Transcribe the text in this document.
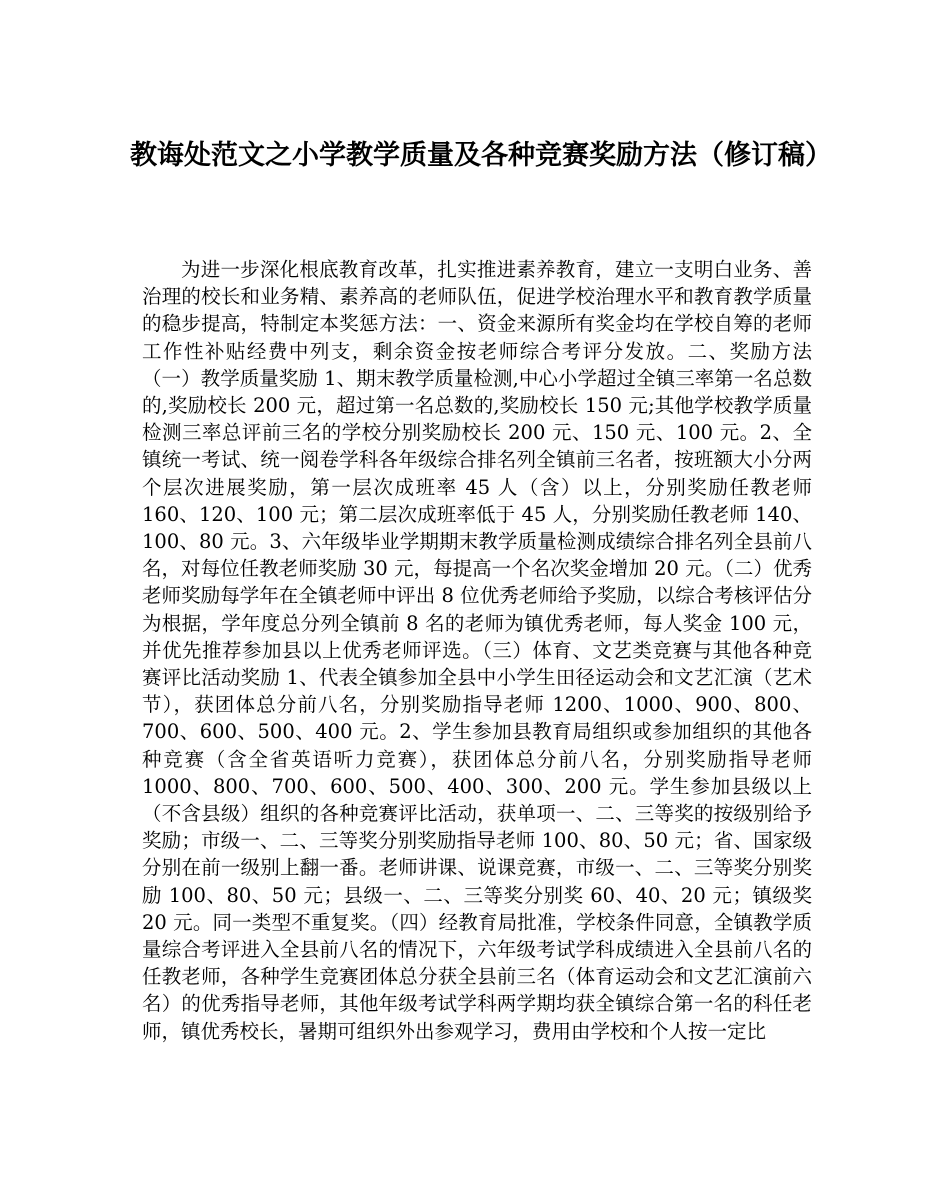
教诲处范文之小学教学质量及各种竞赛奖励方法（修订稿）

为进一步深化根底教育改革，扎实推进素养教育，建立一支明白业务、善治理的校长和业务精、素养高的老师队伍，促进学校治理水平和教育教学质量的稳步提高，特制定本奖惩方法：一、资金来源所有奖金均在学校自筹的老师工作性补贴经费中列支，剩余资金按老师综合考评分发放。二、奖励方法（一）教学质量奖励 1、期末教学质量检测,中心小学超过全镇三率第一名总数的,奖励校长 200 元，超过第一名总数的,奖励校长 150 元;其他学校教学质量检测三率总评前三名的学校分别奖励校长 200 元、150 元、100 元。2、全镇统一考试、统一阅卷学科各年级综合排名列全镇前三名者，按班额大小分两个层次进展奖励，第一层次成班率 45 人（含）以上，分别奖励任教老师 160、120、100 元；第二层次成班率低于 45 人，分别奖励任教老师 140、100、80 元。3、六年级毕业学期期末教学质量检测成绩综合排名列全县前八名，对每位任教老师奖励 30 元，每提高一个名次奖金增加 20 元。（二）优秀老师奖励每学年在全镇老师中评出 8 位优秀老师给予奖励，以综合考核评估分为根据，学年度总分列全镇前 8 名的老师为镇优秀老师，每人奖金 100 元，并优先推荐参加县以上优秀老师评选。（三）体育、文艺类竞赛与其他各种竞赛评比活动奖励 1、代表全镇参加全县中小学生田径运动会和文艺汇演（艺术节），获团体总分前八名，分别奖励指导老师 1200、1000、900、800、700、600、500、400 元。2、学生参加县教育局组织或参加组织的其他各种竞赛（含全省英语听力竞赛），获团体总分前八名，分别奖励指导老师 1000、800、700、600、500、400、300、200 元。学生参加县级以上（不含县级）组织的各种竞赛评比活动，获单项一、二、三等奖的按级别给予奖励；市级一、二、三等奖分别奖励指导老师 100、80、50 元；省、国家级分别在前一级别上翻一番。老师讲课、说课竞赛，市级一、二、三等奖分别奖励 100、80、50 元；县级一、二、三等奖分别奖 60、40、20 元；镇级奖 20 元。同一类型不重复奖。（四）经教育局批准，学校条件同意，全镇教学质量综合考评进入全县前八名的情况下，六年级考试学科成绩进入全县前八名的任教老师，各种学生竞赛团体总分获全县前三名（体育运动会和文艺汇演前六名）的优秀指导老师，其他年级考试学科两学期均获全镇综合第一名的科任老师，镇优秀校长，暑期可组织外出参观学习，费用由学校和个人按一定比
